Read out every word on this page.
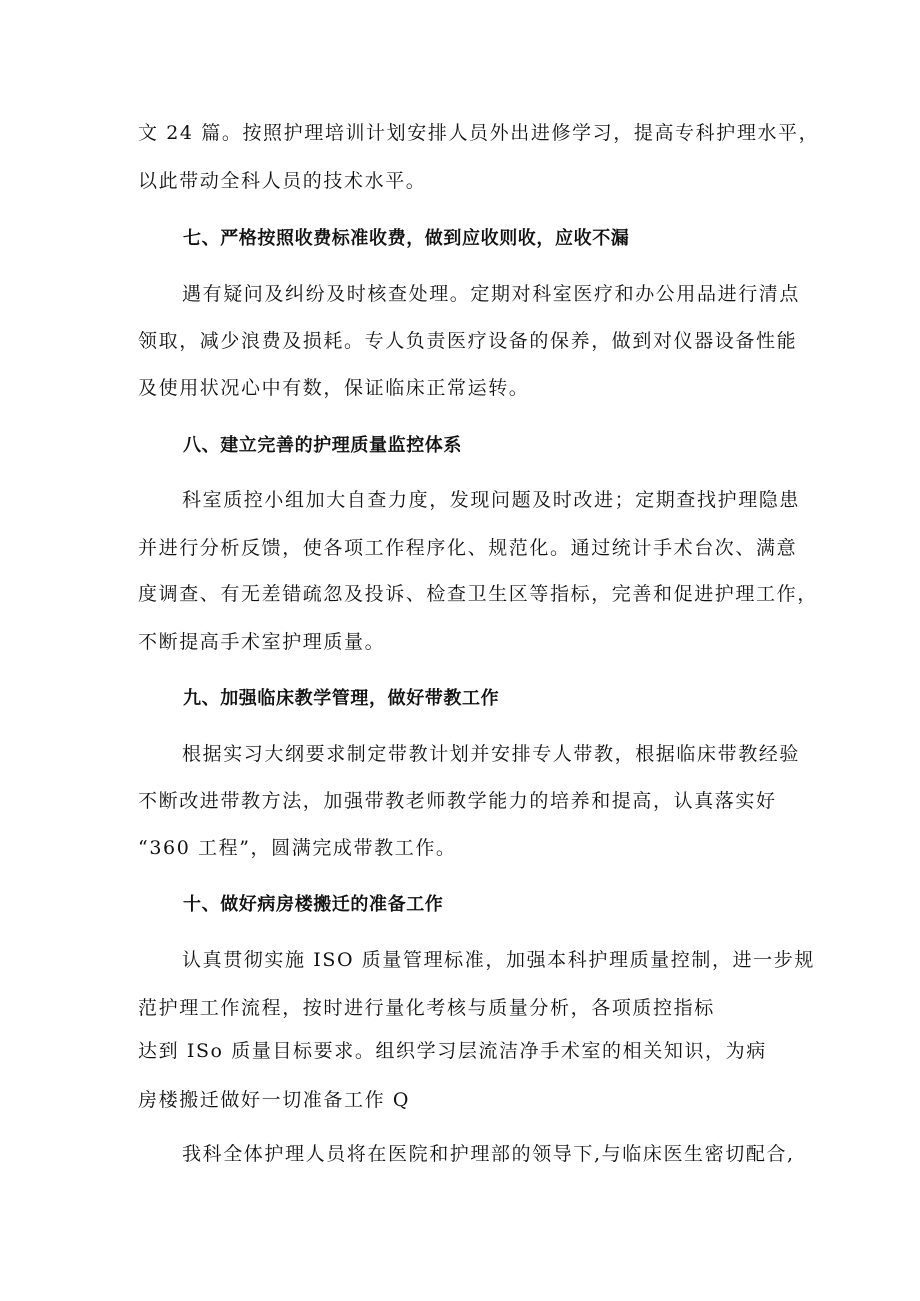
文 24 篇。按照护理培训计划安排人员外出进修学习，提高专科护理水平，
以此带动全科人员的技术水平。
七、严格按照收费标准收费，做到应收则收，应收不漏
遇有疑问及纠纷及时核查处理。定期对科室医疗和办公用品进行清点
领取，减少浪费及损耗。专人负责医疗设备的保养，做到对仪器设备性能
及使用状况心中有数，保证临床正常运转。
八、建立完善的护理质量监控体系
科室质控小组加大自查力度，发现问题及时改进；定期查找护理隐患
并进行分析反馈，使各项工作程序化、规范化。通过统计手术台次、满意
度调查、有无差错疏忽及投诉、检查卫生区等指标，完善和促进护理工作，
不断提高手术室护理质量。
九、加强临床教学管理，做好带教工作
根据实习大纲要求制定带教计划并安排专人带教，根据临床带教经验
不断改进带教方法，加强带教老师教学能力的培养和提高，认真落实好
“360 工程”，圆满完成带教工作。
十、做好病房楼搬迁的准备工作
认真贯彻实施 ISO 质量管理标准，加强本科护理质量控制，进一步规
范护理工作流程，按时进行量化考核与质量分析，各项质控指标
达到 ISo 质量目标要求。组织学习层流洁净手术室的相关知识，为病
房楼搬迁做好一切准备工作 Q
我科全体护理人员将在医院和护理部的领导下,与临床医生密切配合,
